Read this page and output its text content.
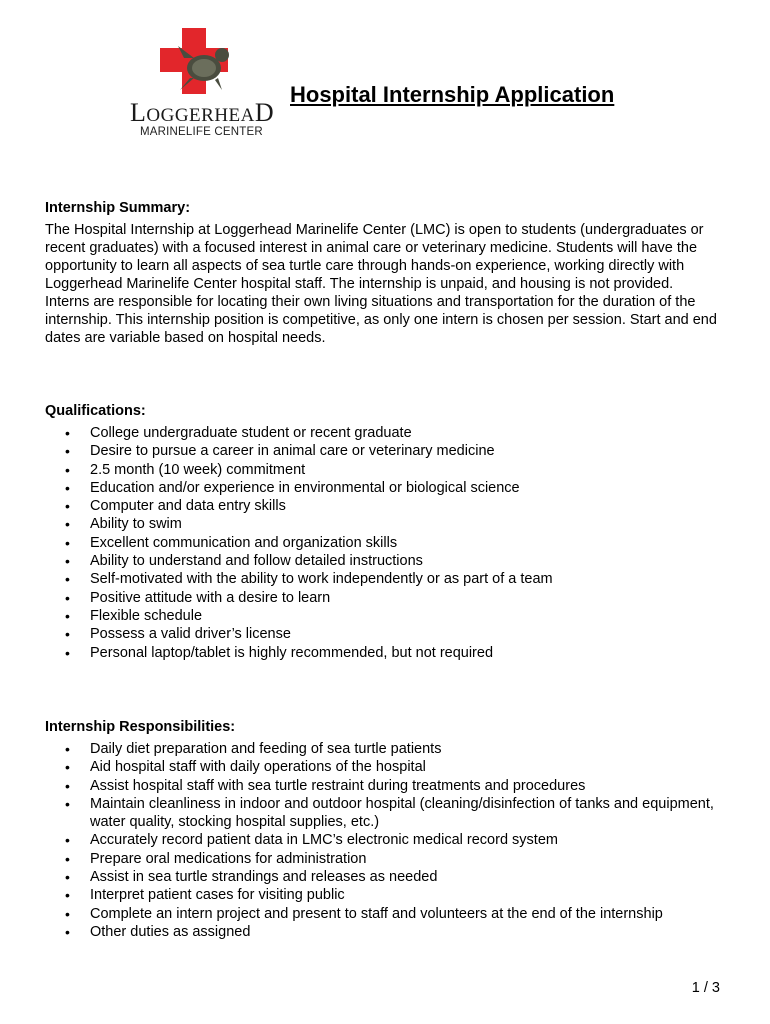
LOGGERHEAD
MARINELIFE CENTER
Hospital Internship Application

Internship Summary:

The Hospital Internship at Loggerhead Marinelife Center (LMC) is open to students (undergraduates or recent graduates) with a focused interest in animal care or veterinary medicine. Students will have the opportunity to learn all aspects of sea turtle care through hands-on experience, working directly with Loggerhead Marinelife Center hospital staff. The internship is unpaid, and housing is not provided. Interns are responsible for locating their own living situations and transportation for the duration of the internship. This internship position is competitive, as only one intern is chosen per session. Start and end dates are variable based on hospital needs.

Qualifications:

• College undergraduate student or recent graduate
• Desire to pursue a career in animal care or veterinary medicine
• 2.5 month (10 week) commitment
• Education and/or experience in environmental or biological science
• Computer and data entry skills
• Ability to swim
• Excellent communication and organization skills
• Ability to understand and follow detailed instructions
• Self-motivated with the ability to work independently or as part of a team
• Positive attitude with a desire to learn
• Flexible schedule
• Possess a valid driver’s license
• Personal laptop/tablet is highly recommended, but not required

Internship Responsibilities:

• Daily diet preparation and feeding of sea turtle patients
• Aid hospital staff with daily operations of the hospital
• Assist hospital staff with sea turtle restraint during treatments and procedures
• Maintain cleanliness in indoor and outdoor hospital (cleaning/disinfection of tanks and equipment, water quality, stocking hospital supplies, etc.)
• Accurately record patient data in LMC’s electronic medical record system
• Prepare oral medications for administration
• Assist in sea turtle strandings and releases as needed
• Interpret patient cases for visiting public
• Complete an intern project and present to staff and volunteers at the end of the internship
• Other duties as assigned
1 / 3
